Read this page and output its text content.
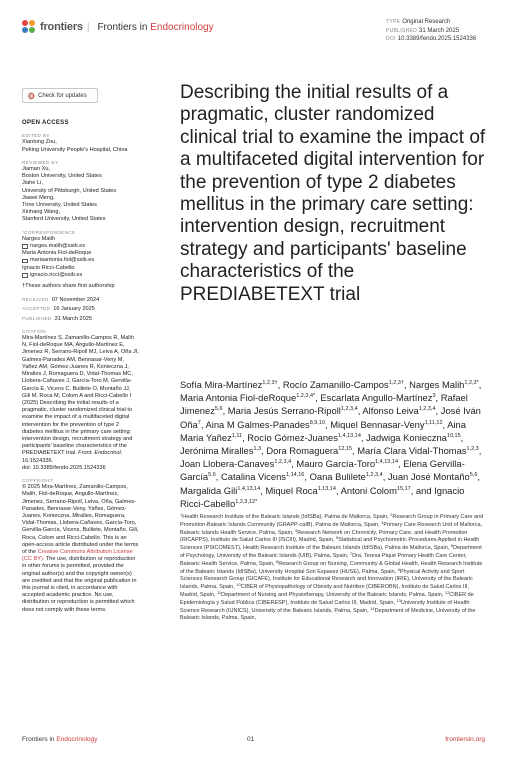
frontiers | Frontiers in Endocrinology	TYPE Original Research
PUBLISHED 31 March 2025
DOI 10.3389/fendo.2025.1524336
Check for updates
OPEN ACCESS
EDITED BY
Xiantong Zou,
Peking University People's Hospital, China
REVIEWED BY
Jiaman Xu,
Boston University, United States
Jiahe Li,
University of Pittsburgh, United States
Jiawei Meng,
Trine University, United States
Xinhang Wang,
Stanford University, United States
*CORRESPONDENCE
Narges Malih
narges.malih@ssib.es
Maria Antonia Fiol-deRoque
mariaantonia.fiol@ssib.es
Ignacio Ricci-Cabello
ignacio.ricci@ssib.es
†These authors share first authorship
RECEIVED 07 November 2024
ACCEPTED 16 January 2025
PUBLISHED 31 March 2025
CITATION
Mira-Martínez S, Zamanillo-Campos R, Malih N, Fiol-deRoque MA, Angullo-Martínez E, Jimenez R, Serrano-Ripoll MJ, Leiva A, Oña JI, Galmes-Panades AM, Bennasar-Veny M, Yañez AM, Gómez-Juanes R, Konieczna J, Miralles J, Romaguera D, Vidal-Thomas MC, Llobera-Cañaves J, García-Toro M, Gervilla-García E, Vicens C, Bulilete O, Montaño JJ, Gili M, Roca M, Colom A and Ricci-Cabello I (2025) Describing the initial results of a pragmatic, cluster randomized clinical trial to examine the impact of a multifaceted digital intervention for the prevention of type 2 diabetes mellitus in the primary care setting: intervention design, recruitment strategy and participants' baseline characteristics of the PREDIABETEXT trial. Front. Endocrinol. 16:1524336.
doi: 10.3389/fendo.2025.1524336
COPYRIGHT
© 2025 Mira-Martínez, Zamanillo-Campos, Malih, Fiol-deRoque, Angullo-Martínez, Jimenez, Serrano-Ripoll, Leiva, Oña, Galmes-Panades, Bennasar-Veny, Yañez, Gómez-Juanes, Konieczna, Miralles, Romaguera, Vidal-Thomas, Llobera-Cañaves, García-Toro, Gervilla-García, Vicens, Bulilete, Montaño, Gili, Roca, Colom and Ricci-Cabello. This is an open-access article distributed under the terms of the Creative Commons Attribution License (CC BY). The use, distribution or reproduction in other forums is permitted, provided the original author(s) and the copyright owner(s) are credited and that the original publication in this journal is cited, in accordance with accepted academic practice. No use, distribution or reproduction is permitted which does not comply with these terms.
Describing the initial results of a pragmatic, cluster randomized clinical trial to examine the impact of a multifaceted digital intervention for the prevention of type 2 diabetes mellitus in the primary care setting: intervention design, recruitment strategy and participants' baseline characteristics of the PREDIABETEXT trial
Sofía Mira-Martínez$^{1,2,3\dagger}$, Rocío Zamanillo-Campos$^{1,2,3\dagger}$, Narges Malih$^{1,2,3*}$, Maria Antonia Fiol-deRoque$^{1,2,3,4*}$, Escarlata Angullo-Martínez$^3$, Rafael Jimenez$^{5,6}$, Maria Jesús Serrano-Ripoll$^{1,2,3,4}$, Alfonso Leiva$^{1,2,3,4}$, José Iván Oña$^7$, Aina M Galmes-Panades$^{8,9,10}$, Miquel Bennasar-Veny$^{1,11,12}$, Aina Maria Yañez$^{1,11}$, Rocío Gómez-Juanes$^{1,4,13,14}$, Jadwiga Konieczna$^{10,15}$, Jerónima Miralles$^{1,3}$, Dora Romaguera$^{12,15}$, María Clara Vidal-Thomas$^{1,2,3}$, Joan Llobera-Canaves$^{1,2,3,4}$, Mauro García-Toro$^{1,4,13,14}$, Elena Gervilla-García$^{5,6}$, Catalina Vicens$^{1,14,16}$, Oana Bulilete$^{1,2,3,4}$, Juan José Montaño$^{5,6}$, Margalida Gili$^{1,4,13,14}$, Miquel Roca$^{1,13,14}$, Antoni Colom$^{15,17}$, and Ignacio Ricci-Cabello$^{1,2,3,12*}$
$^1$Health Research Institute of the Balearic Islands (IdISBa), Palma de Mallorca, Spain, $^2$Research Group in Primary Care and Promotion-Balearic Islands Community (GRAPP-caIB), Palma de Mallorca, Spain, $^3$Primary Care Research Unit of Mallorca, Balearic Islands Health Service, Palma, Spain, $^4$Research Network on Chronicity, Primary Care, and Health Promotion (RICAPPS), Instituto de Salud Carlos III (ISCIII), Madrid, Spain, $^5$Statistical and Psychometric Procedures Applied in Health Sciences (PSICOMEST), Health Research Institute of the Balearic Islands (IdISBa), Palma de Mallorca, Spain, $^6$Department of Psychology, University of the Balearic Islands (UIB), Palma, Spain, $^7$Dra. Teresa Piqué Primary Health Care Center, Balearic Health Service, Palma, Spain, $^8$Research Group on Nursing, Community & Global Health, Health Research Institute of the Balearic Islands (IdISBa), University Hospital Son Espases (HUSE), Palma, Spain, $^9$Physical Activity and Sport Sciences Research Group (GICAFE), Institute for Educational Research and Innovation (IRIE), University of the Balearic Islands, Palma, Spain, $^{10}$CIBER of Physiopathology of Obesity and Nutrition (CIBEROBN), Instituto de Salud Carlos III, Madrid, Spain, $^{11}$Department of Nursing and Physiotherapy, University of the Balearic Islands, Palma, Spain, $^{12}$CIBER de Epidemiología y Salud Pública (CIBERESP), Instituto de Salud Carlos III, Madrid, Spain, $^{13}$University Institute of Health Science Research (IUNICS), University of the Balearic Islands, Palma, Spain, $^{14}$Department of Medicine, University of the Balearic Islands, Palma, Spain,
Frontiers in Endocrinology	01	frontiersin.org
